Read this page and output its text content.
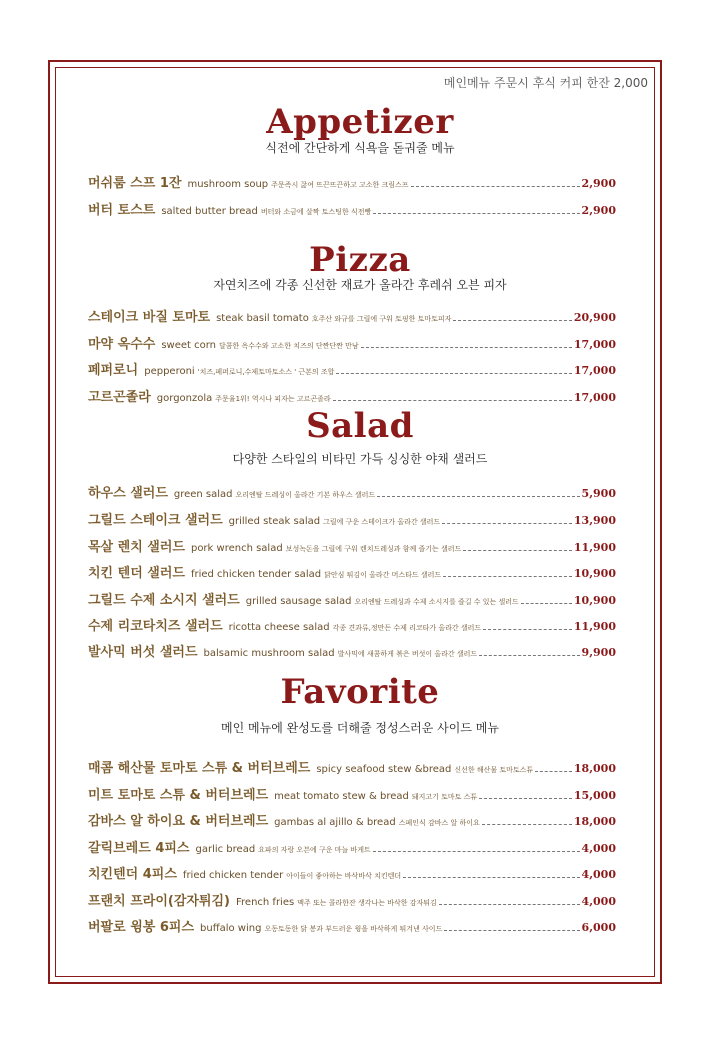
메인메뉴 주문시 후식 커피 한잔 2,000
Appetizer
식전에 간단하게 식욕을 돋궈줄 메뉴
머쉬룸 스프 1잔 mushroom soup 주문즉시 끓여 뜨끈뜨끈하고 고소한 크림스프	2,900
버터 토스트 salted butter bread 버터와 소금에 살짝 토스팅한 식전빵	2,900
Pizza
자연치즈에 각종 신선한 재료가 올라간 후레쉬 오븐 피자
스테이크 바질 토마토 steak basil tomato 호주산 와규를 그릴에 구워 토핑한 토마토피자	20,900
마약 옥수수 sweet corn 달콤한 옥수수와 고소한 치즈의 단짠단짠 만남	17,000
페퍼로니 pepperoni '치즈,페퍼로니,수제토마토소스 ' 근본의 조합	17,000
고르곤졸라 gorgonzola 주문율1위! 역시나 피자는 고르곤졸라	17,000
Salad
다양한 스타일의 비타민 가득 싱싱한 야채 샐러드
하우스 샐러드 green salad 오리엔탈 드레싱이 올라간 기본 하우스 샐러드	5,900
그릴드 스테이크 샐러드 grilled steak salad 그릴에 구운 스테이크가 올라간 샐러드	13,900
목살 렌치 샐러드 pork wrench salad 보성녹돈을 그릴에 구워 렌치드레싱과 함께 즐기는 샐러드	11,900
치킨 텐더 샐러드 fried chicken tender salad 닭안심 튀김이 올라간 머스타드 샐러드	10,900
그릴드 수제 소시지 샐러드 grilled sausage salad 오리엔탈 드레싱과 수제 소시지를 즐길 수 있는 샐러드	10,900
수제 리코타치즈 샐러드 ricotta cheese salad 각종 견과류,정만든 수제 리코타가 올라간 샐러드	11,900
발사믹 버섯 샐러드 balsamic mushroom salad 발사믹에 새콤하게 볶은 버섯이 올라간 샐러드	9,900
Favorite
메인 메뉴에 완성도를 더해줄 정성스러운 사이드 메뉴
매콤 해산물 토마토 스튜 & 버터브레드 spicy seafood stew &bread 신선한 해산물 토마토스튜	18,000
미트 토마토 스튜 & 버터브레드 meat tomato stew & bread 돼지고기 토마토 스튜	15,000
감바스 알 하이요 & 버터브레드 gambas al ajillo & bread 스페인식 감바스 알 하이요	18,000
갈릭브레드 4피스 garlic bread 요파의 자랑 오븐에 구운 마늘 바게트	4,000
치킨텐더 4피스 fried chicken tender 아이들이 좋아하는 바삭바삭 치킨텐더	4,000
프랜치 프라이(감자튀김) French fries 맥주 또는 콜라한잔 생각나는 바삭한 감자튀김	4,000
버팔로 윙봉 6피스 buffalo wing 오동토동한 닭 봉과 부드러운 윙을 바삭하게 튀겨낸 사이드	6,000
